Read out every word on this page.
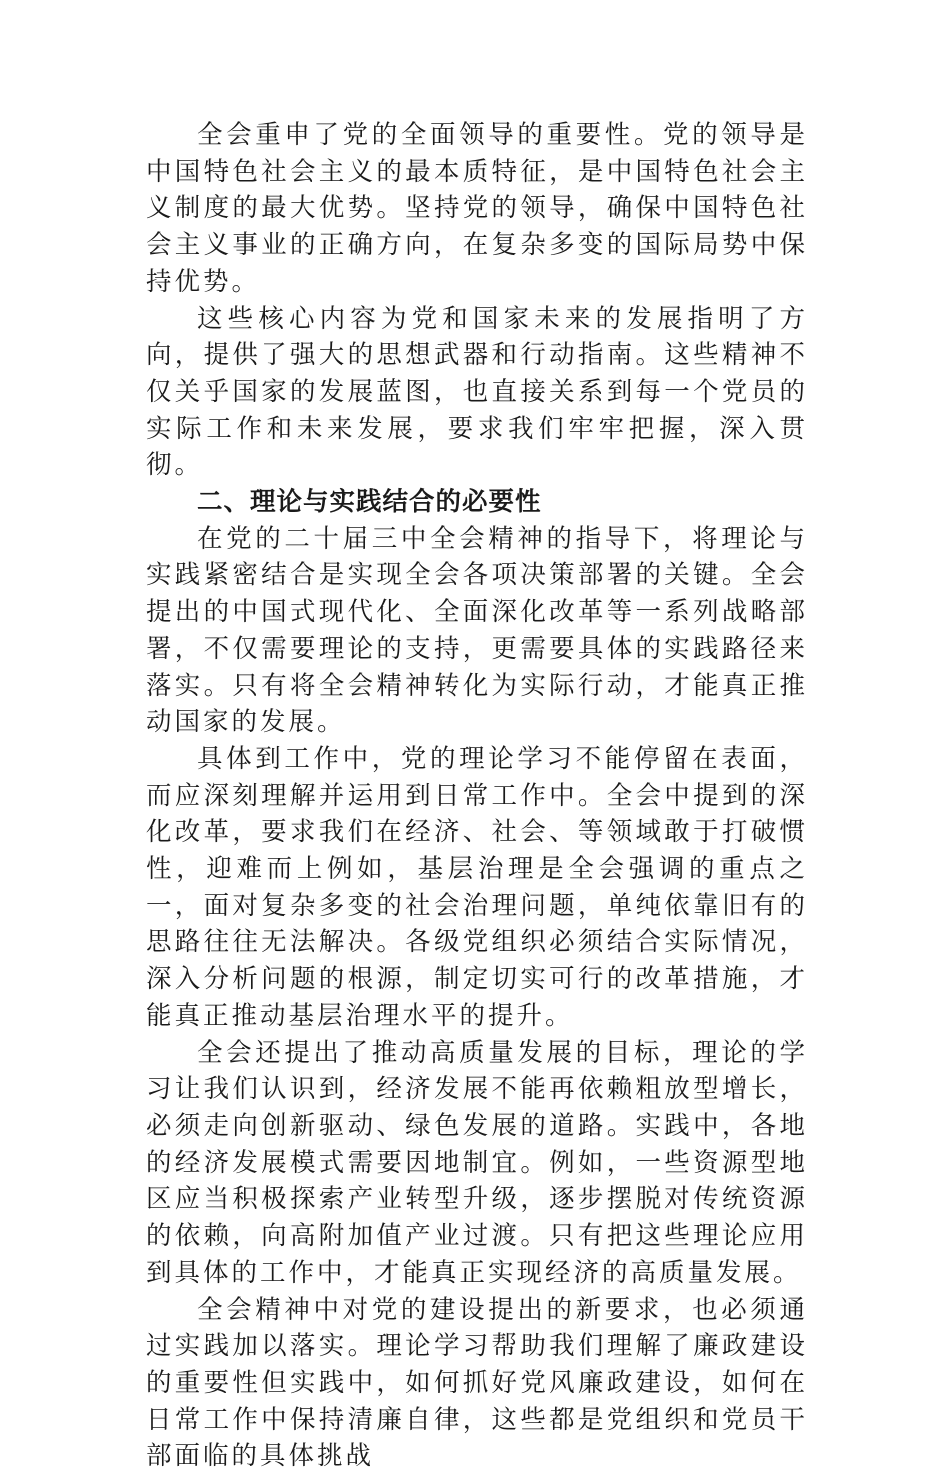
全会重申了党的全面领导的重要性。党的领导是中国特色社会主义的最本质特征，是中国特色社会主义制度的最大优势。坚持党的领导，确保中国特色社会主义事业的正确方向，在复杂多变的国际局势中保持优势。

这些核心内容为党和国家未来的发展指明了方向，提供了强大的思想武器和行动指南。这些精神不仅关乎国家的发展蓝图，也直接关系到每一个党员的实际工作和未来发展，要求我们牢牢把握，深入贯彻。

二、理论与实践结合的必要性

在党的二十届三中全会精神的指导下，将理论与实践紧密结合是实现全会各项决策部署的关键。全会提出的中国式现代化、全面深化改革等一系列战略部署，不仅需要理论的支持，更需要具体的实践路径来落实。只有将全会精神转化为实际行动，才能真正推动国家的发展。

具体到工作中，党的理论学习不能停留在表面，而应深刻理解并运用到日常工作中。全会中提到的深化改革，要求我们在经济、社会、等领域敢于打破惯性，迎难而上例如，基层治理是全会强调的重点之一，面对复杂多变的社会治理问题，单纯依靠旧有的思路往往无法解决。各级党组织必须结合实际情况，深入分析问题的根源，制定切实可行的改革措施，才能真正推动基层治理水平的提升。

全会还提出了推动高质量发展的目标，理论的学习让我们认识到，经济发展不能再依赖粗放型增长，必须走向创新驱动、绿色发展的道路。实践中，各地的经济发展模式需要因地制宜。例如，一些资源型地区应当积极探索产业转型升级，逐步摆脱对传统资源的依赖，向高附加值产业过渡。只有把这些理论应用到具体的工作中，才能真正实现经济的高质量发展。

全会精神中对党的建设提出的新要求，也必须通过实践加以落实。理论学习帮助我们理解了廉政建设的重要性但实践中，如何抓好党风廉政建设，如何在日常工作中保持清廉自律，这些都是党组织和党员干部面临的具体挑战
